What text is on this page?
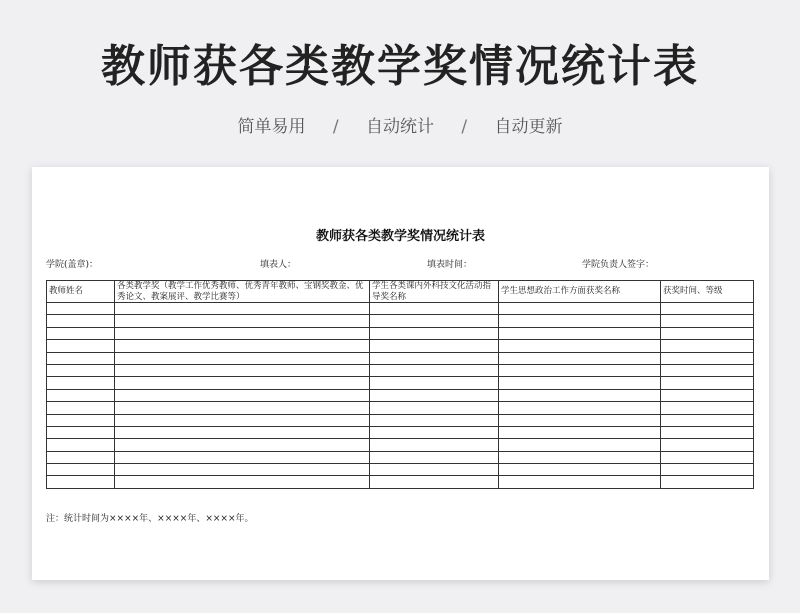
教师获各类教学奖情况统计表
简单易用 / 自动统计 / 自动更新
教师获各类教学奖情况统计表
学院(盖章)：	填表人：	填表时间：	学院负责人签字：
教师姓名	各类教学奖（教学工作优秀教师、优秀青年教师、宝钢奖教金、优秀论文、教案展评、教学比赛等）	学生各类课内外科技文化活动指导奖名称	学生思想政治工作方面获奖名称	获奖时间、等级

注：统计时间为××××年、××××年、××××年。
